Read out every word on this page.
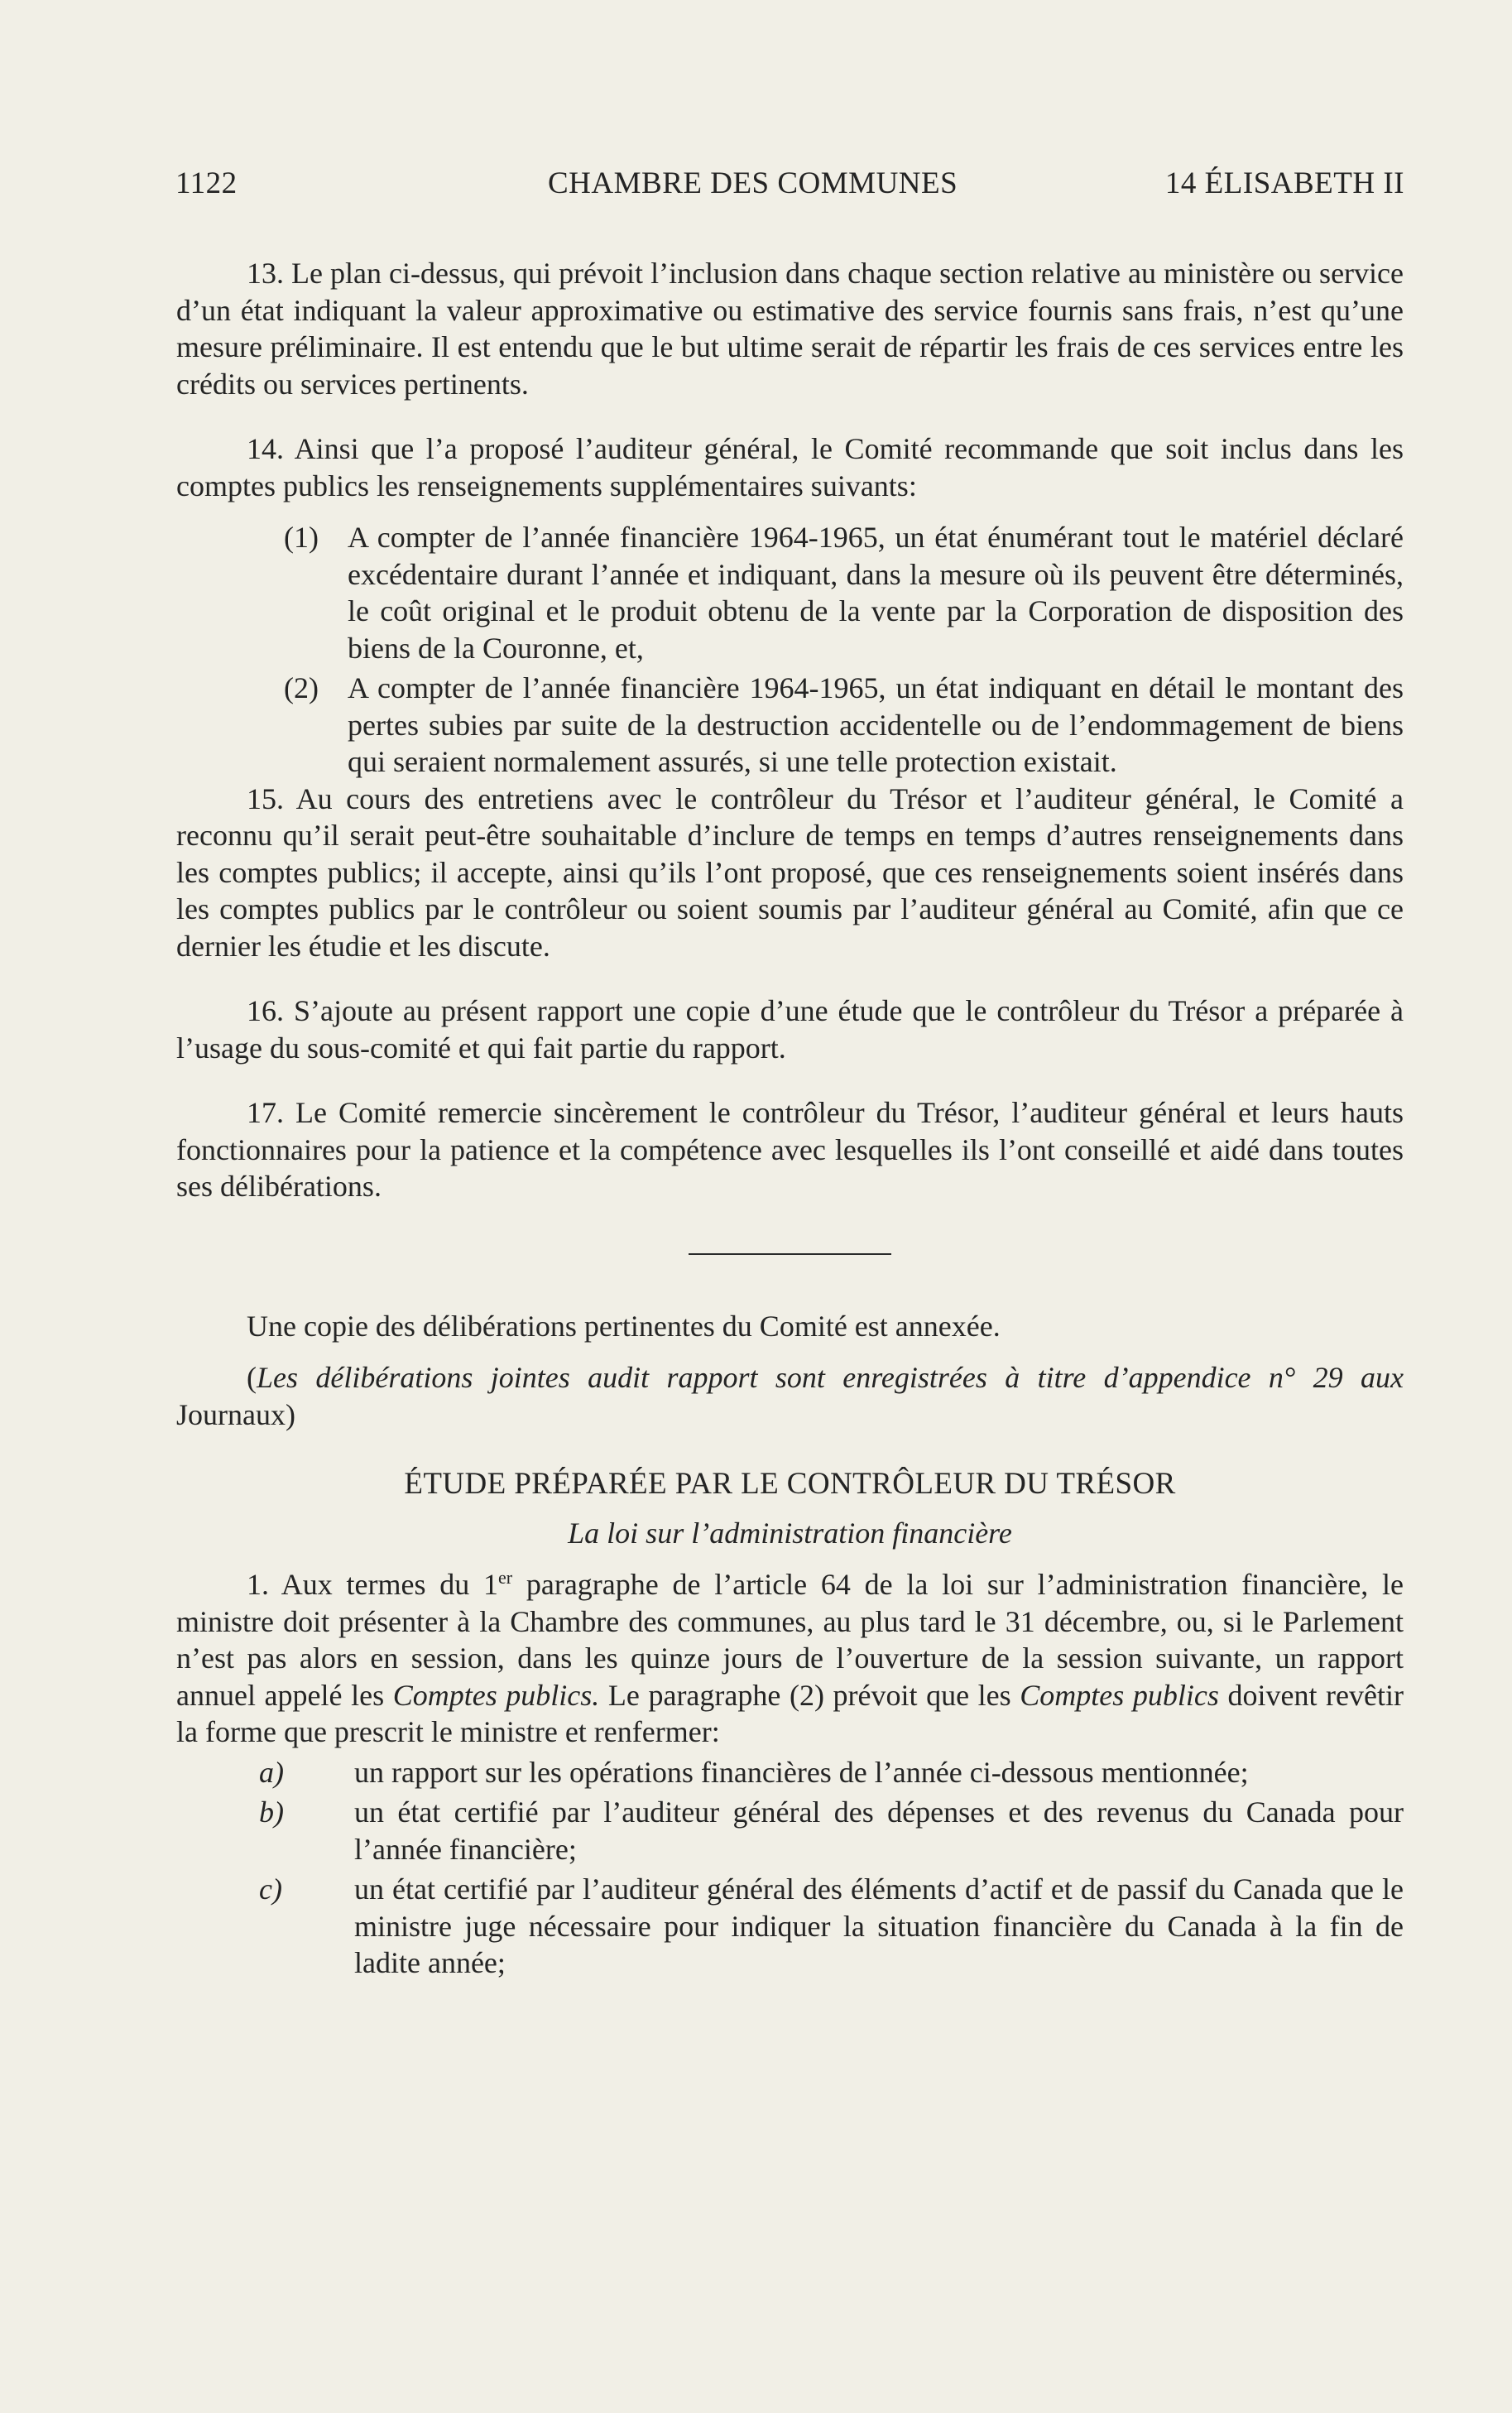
1122	CHAMBRE DES COMMUNES	14 ÉLISABETH II

13. Le plan ci-dessus, qui prévoit l’inclusion dans chaque section relative au ministère ou service d’un état indiquant la valeur approximative ou estimative des service fournis sans frais, n’est qu’une mesure préliminaire. Il est entendu que le but ultime serait de répartir les frais de ces services entre les crédits ou services pertinents.

14. Ainsi que l’a proposé l’auditeur général, le Comité recommande que soit inclus dans les comptes publics les renseignements supplémentaires suivants:

(1) A compter de l’année financière 1964-1965, un état énumérant tout le matériel déclaré excédentaire durant l’année et indiquant, dans la mesure où ils peuvent être déterminés, le coût original et le produit obtenu de la vente par la Corporation de disposition des biens de la Couronne, et,
(2) A compter de l’année financière 1964-1965, un état indiquant en détail le montant des pertes subies par suite de la destruction accidentelle ou de l’endommagement de biens qui seraient normalement assurés, si une telle protection existait.

15. Au cours des entretiens avec le contrôleur du Trésor et l’auditeur général, le Comité a reconnu qu’il serait peut-être souhaitable d’inclure de temps en temps d’autres renseignements dans les comptes publics; il accepte, ainsi qu’ils l’ont proposé, que ces renseignements soient insérés dans les comptes publics par le contrôleur ou soient soumis par l’auditeur général au Comité, afin que ce dernier les étudie et les discute.

16. S’ajoute au présent rapport une copie d’une étude que le contrôleur du Trésor a préparée à l’usage du sous-comité et qui fait partie du rapport.

17. Le Comité remercie sincèrement le contrôleur du Trésor, l’auditeur général et leurs hauts fonctionnaires pour la patience et la compétence avec lesquelles ils l’ont conseillé et aidé dans toutes ses délibérations.

Une copie des délibérations pertinentes du Comité est annexée.

(Les délibérations jointes audit rapport sont enregistrées à titre d’appendice n° 29 aux Journaux)

ÉTUDE PRÉPARÉE PAR LE CONTRÔLEUR DU TRÉSOR

La loi sur l’administration financière

1. Aux termes du 1er paragraphe de l’article 64 de la loi sur l’administration financière, le ministre doit présenter à la Chambre des communes, au plus tard le 31 décembre, ou, si le Parlement n’est pas alors en session, dans les quinze jours de l’ouverture de la session suivante, un rapport annuel appelé les Comptes publics. Le paragraphe (2) prévoit que les Comptes publics doivent revêtir la forme que prescrit le ministre et renfermer:

a) un rapport sur les opérations financières de l’année ci-dessous mentionnée;
b) un état certifié par l’auditeur général des dépenses et des revenus du Canada pour l’année financière;
c) un état certifié par l’auditeur général des éléments d’actif et de passif du Canada que le ministre juge nécessaire pour indiquer la situation financière du Canada à la fin de ladite année;
